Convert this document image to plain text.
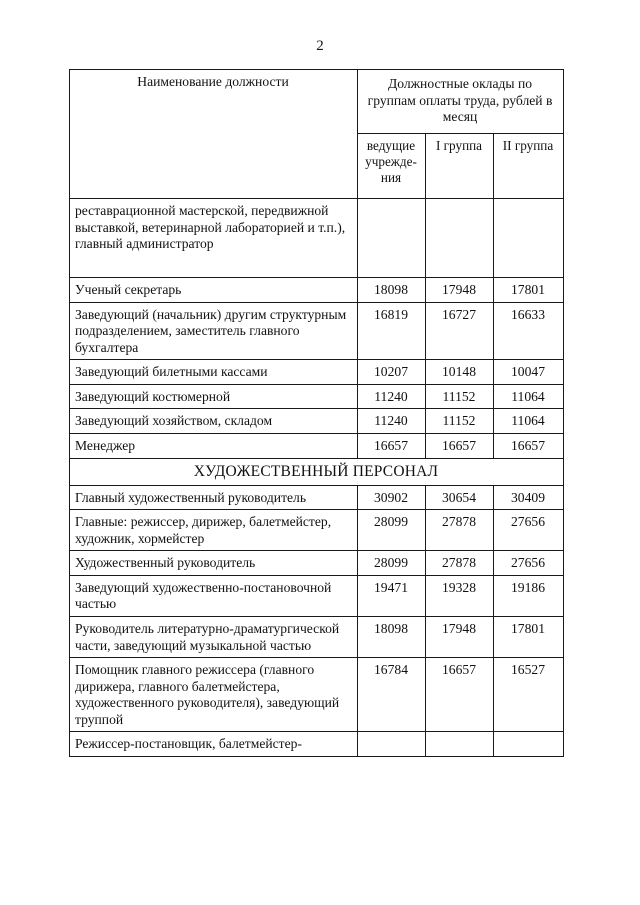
2
Наименование должности	Должностные оклады по группам оплаты труда, рублей в месяц		
	ведущие учрежде-ния	I группа	II группа
реставрационной мастерской, передвижной выставкой, ветеринарной лабораторией и т.п.), главный администратор			
Ученый секретарь	18098	17948	17801
Заведующий (начальник) другим структурным подразделением, заместитель главного бухгалтера	16819	16727	16633
Заведующий билетными кассами	10207	10148	10047
Заведующий костюмерной	11240	11152	11064
Заведующий хозяйством, складом	11240	11152	11064
Менеджер	16657	16657	16657
ХУДОЖЕСТВЕННЫЙ ПЕРСОНАЛ			
Главный художественный руководитель	30902	30654	30409
Главные: режиссер, дирижер, балетмейстер, художник, хормейстер	28099	27878	27656
Художественный руководитель	28099	27878	27656
Заведующий художественно-постановочной частью	19471	19328	19186
Руководитель литературно-драматургической части, заведующий музыкальной частью	18098	17948	17801
Помощник главного режиссера (главного дирижера, главного балетмейстера, художественного руководителя), заведующий труппой	16784	16657	16527
Режиссер-постановщик, балетмейстер-			
